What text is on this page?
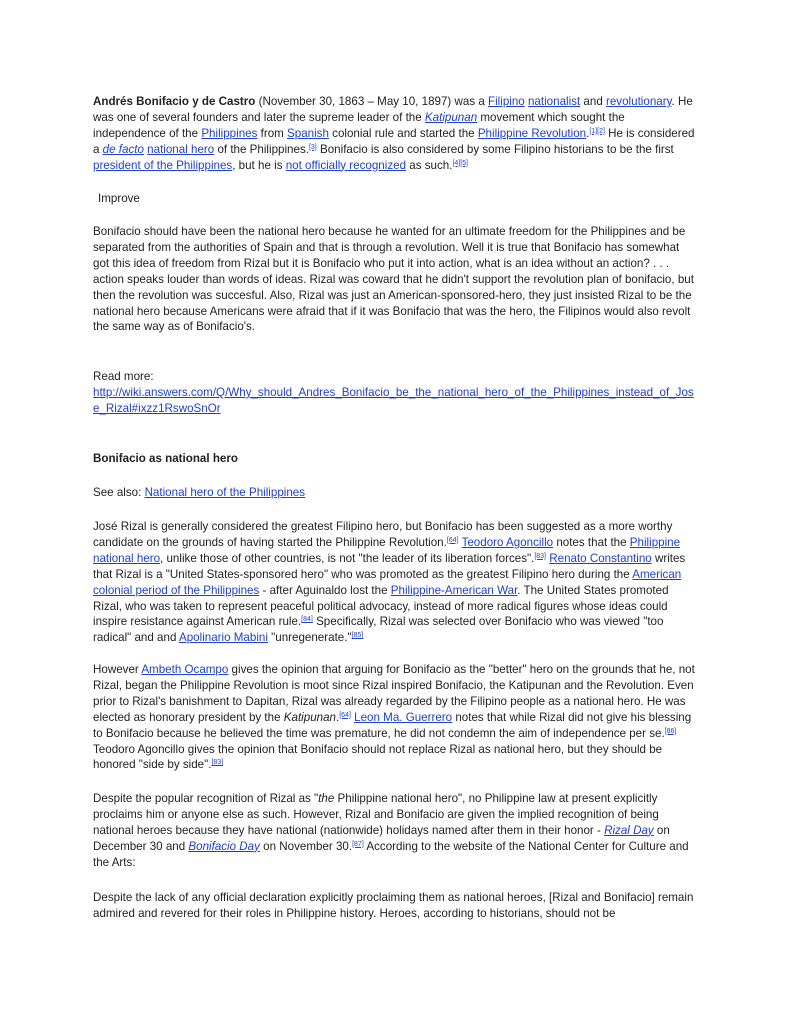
Andrés Bonifacio y de Castro (November 30, 1863 – May 10, 1897) was a Filipino nationalist and revolutionary. He was one of several founders and later the supreme leader of the Katipunan movement which sought the independence of the Philippines from Spanish colonial rule and started the Philippine Revolution.[1][2] He is considered a de facto national hero of the Philippines.[3] Bonifacio is also considered by some Filipino historians to be the first president of the Philippines, but he is not officially recognized as such.[4][5]

Improve

Bonifacio should have been the national hero because he wanted for an ultimate freedom for the Philippines and be separated from the authorities of Spain and that is through a revolution. Well it is true that Bonifacio has somewhat got this idea of freedom from Rizal but it is Bonifacio who put it into action, what is an idea without an action? . . . action speaks louder than words of ideas. Rizal was coward that he didn't support the revolution plan of bonifacio, but then the revolution was succesful. Also, Rizal was just an American-sponsored-hero, they just insisted Rizal to be the national hero because Americans were afraid that if it was Bonifacio that was the hero, the Filipinos would also revolt the same way as of Bonifacio's.

Read more:

http://wiki.answers.com/Q/Why_should_Andres_Bonifacio_be_the_national_hero_of_the_Philippines_instead_of_Jose_Rizal#ixzz1RswoSnOr

Bonifacio as national hero
See also: National hero of the Philippines

José Rizal is generally considered the greatest Filipino hero, but Bonifacio has been suggested as a more worthy candidate on the grounds of having started the Philippine Revolution.[64] Teodoro Agoncillo notes that the Philippine national hero, unlike those of other countries, is not "the leader of its liberation forces".[83] Renato Constantino writes that Rizal is a "United States-sponsored hero" who was promoted as the greatest Filipino hero during the American colonial period of the Philippines - after Aguinaldo lost the Philippine-American War. The United States promoted Rizal, who was taken to represent peaceful political advocacy, instead of more radical figures whose ideas could inspire resistance against American rule.[84] Specifically, Rizal was selected over Bonifacio who was viewed "too radical" and and Apolinario Mabini "unregenerate."[85]

However Ambeth Ocampo gives the opinion that arguing for Bonifacio as the "better" hero on the grounds that he, not Rizal, began the Philippine Revolution is moot since Rizal inspired Bonifacio, the Katipunan and the Revolution. Even prior to Rizal's banishment to Dapitan, Rizal was already regarded by the Filipino people as a national hero. He was elected as honorary president by the Katipunan.[64] Leon Ma. Guerrero notes that while Rizal did not give his blessing to Bonifacio because he believed the time was premature, he did not condemn the aim of independence per se.[86] Teodoro Agoncillo gives the opinion that Bonifacio should not replace Rizal as national hero, but they should be honored "side by side".[83]

Despite the popular recognition of Rizal as "the Philippine national hero", no Philippine law at present explicitly proclaims him or anyone else as such. However, Rizal and Bonifacio are given the implied recognition of being national heroes because they have national (nationwide) holidays named after them in their honor - Rizal Day on December 30 and Bonifacio Day on November 30.[87] According to the website of the National Center for Culture and the Arts:

Despite the lack of any official declaration explicitly proclaiming them as national heroes, [Rizal and Bonifacio] remain admired and revered for their roles in Philippine history. Heroes, according to historians, should not be
